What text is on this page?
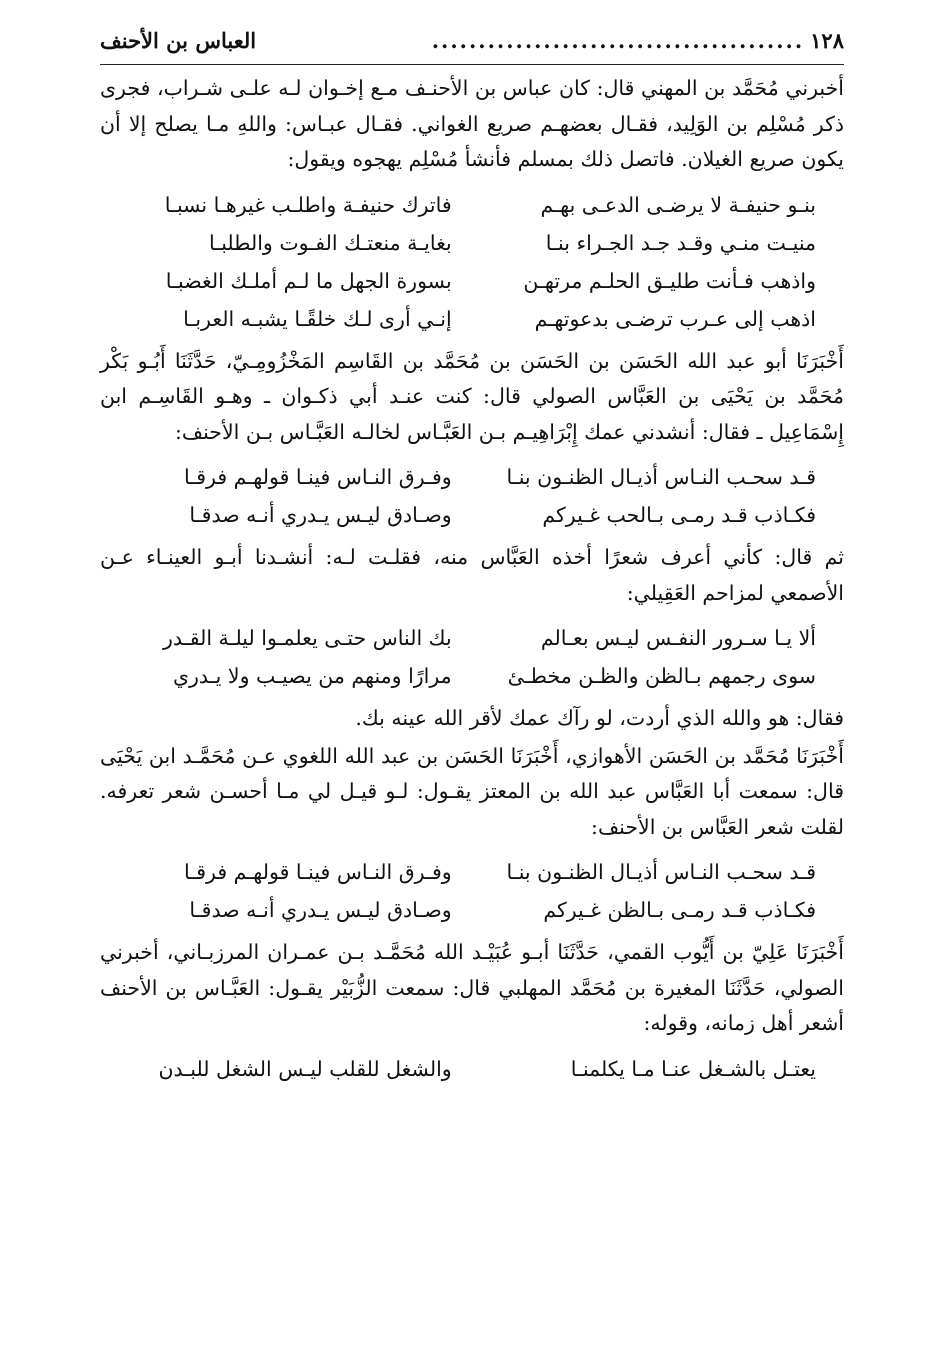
١٢٨
........................................
العباس بن الأحنف

أخبرني مُحَمَّد بن المهني قال: كان عباس بن الأحنـف مـع إخـوان لـه علـى شـراب، فجرى ذكر مُسْلِم بن الوَلِيد، فقـال بعضهـم صريع الغواني. فقـال عبـاس: واللهِ مـا يصلح إلا أن يكون صريع الغيلان. فاتصل ذلك بمسلم فأنشأ مُسْلِم يهجوه ويقول:

بنـو حنيفـة لا يرضـى الدعـى بهـم
فاترك حنيفـة واطلـب غيرهـا نسبـا
منيـت منـي وقـد جـد الجـراء بنـا
بغايـة منعتـك الفـوت والطلبـا
واذهب فـأنت طليـق الحلـم مرتهـن
بسورة الجهل ما لـم أملـك الغضبـا
اذهب إلى عـرب ترضـى بدعوتهـم
إنـي أرى لـك خلقًـا يشبـه العربـا

أَخْبَرَنَا أبو عبد الله الحَسَن بن الحَسَن بن مُحَمَّد بن القَاسِم المَخْزُومِـيّ، حَدَّثَنَا أَبُـو بَكْر مُحَمَّد بن يَحْيَى بن العَبَّاس الصولي قال: كنت عنـد أبي ذكـوان ـ وهـو القَاسِـم ابن إِسْمَاعِيل ـ فقال: أنشدني عمك إِبْرَاهِيـم بـن العَبَّـاس لخالـه العَبَّـاس بـن الأحنف:

قـد سحـب النـاس أذيـال الظنـون بنـا
وفـرق النـاس فينـا قولهـم فرقـا
فكـاذب قـد رمـى بـالحب غـيركم
وصـادق ليـس يـدري أنـه صدقـا

ثم قال: كأني أعرف شعرًا أخذه العَبَّاس منه، فقلـت لـه: أنشـدنا أبـو العينـاء عـن الأصمعي لمزاحم العَقِيلي:

ألا يـا سـرور النفـس ليـس بعـالم
بك الناس حتـى يعلمـوا ليلـة القـدر
سوى رجمهم بـالظن والظـن مخطـئ
مرارًا ومنهم من يصيـب ولا يـدري

فقال: هو والله الذي أردت، لو رآك عمك لأقر الله عينه بك.

أَخْبَرَنَا مُحَمَّد بن الحَسَن الأهوازي، أَخْبَرَنَا الحَسَن بن عبد الله اللغوي عـن مُحَمَّـد ابن يَحْيَى قال: سمعت أبا العَبَّاس عبد الله بن المعتز يقـول: لـو قيـل لي مـا أحسـن شعر تعرفه. لقلت شعر العَبَّاس بن الأحنف:

قـد سحـب النـاس أذيـال الظنـون بنـا
وفـرق النـاس فينـا قولهـم فرقـا
فكـاذب قـد رمـى بـالظن غـيركم
وصـادق ليـس يـدري أنـه صدقـا

أَخْبَرَنَا عَلِيّ بن أَيُّوب القمي، حَدَّثَنَا أبـو عُبَيْـد الله مُحَمَّـد بـن عمـران المرزبـاني، أخبرني الصولي، حَدَّثَنَا المغيرة بن مُحَمَّد المهلبي قال: سمعت الزُّبَيْر يقـول: العَبَّـاس بن الأحنف أشعر أهل زمانه، وقوله:

يعتـل بالشـغل عنـا مـا يكلمنـا
والشغل للقلب ليـس الشغل للبـدن
